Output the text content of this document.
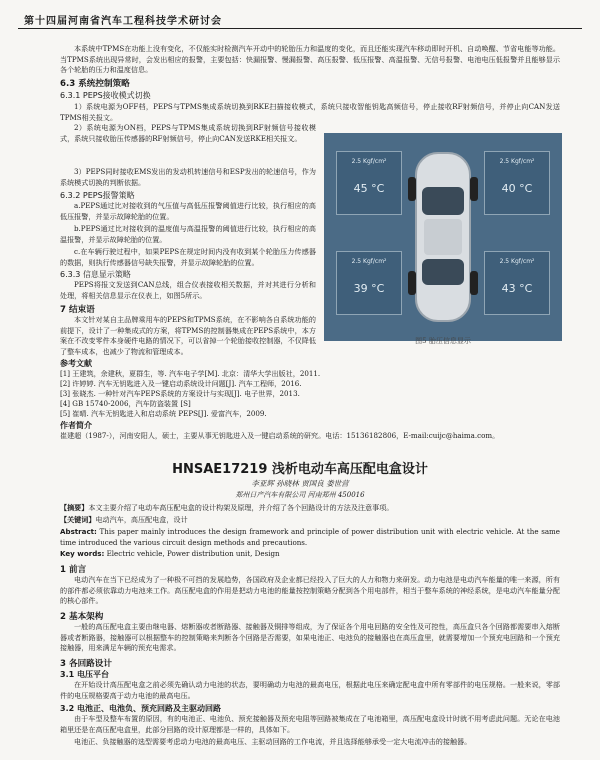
第十四届河南省汽车工程科技学术研讨会

本系统中TPMS在功能上没有变化，不仅能实时检测汽车开动中的轮胎压力和温度的变化，而且还能实现汽车移动即时开机、自动唤醒、节省电能等功能。当TPMS系统出现异常时，会发出相应的报警，主要包括：快漏报警、慢漏报警、高压报警、低压报警、高温报警、无信号报警、电池电压低报警并且能够显示各个轮胎的压力和温度信息。

6.3 系统控制策略

6.3.1 PEPS接收模式切换

1）系统电源为OFF档，PEPS与TPMS集成系统切换到RKE扫描接收模式，系统只接收智能钥匙高频信号，停止接收RF射频信号，并停止向CAN发送TPMS相关报文。

2）系统电源为ON档，PEPS与TPMS集成系统切换到RF射频信号接收模式，系统只接收胎压传感器的RF射频信号，停止向CAN发送RKE相关报文。

3）PEPS同时接收EMS发出的发动机转速信号和ESP发出的轮速信号，作为系统模式切换的判断依据。

6.3.2 PEPS报警策略

a.PEPS通过比对接收到的气压值与高低压报警阈值进行比较，执行相应的高低压报警，并显示故障轮胎的位置。

b.PEPS通过比对接收到的温度值与高温报警的阈值进行比较，执行相应的高温报警，并显示故障轮胎的位置。

c.在车辆行驶过程中，如果PEPS在规定时间内没有收到某个轮胎压力传感器的数据，则执行传感器信号缺失报警，并显示故障轮胎的位置。

6.3.3 信息显示策略

PEPS将报文发送到CAN总线，组合仪表接收相关数据，并对其进行分析和处理，将相关信息显示在仪表上，如图5所示。

7 结束语

本文针对某自主品牌乘用车的PEPS和TPMS系统，在不影响各自系统功能的前提下，设计了一种集成式的方案，将TPMS的控制器集成在PEPS系统中，本方案在不改变零件本身硬件电路的情况下，可以省掉一个轮胎接收控制器，不仅降低了整车成本，也减少了物流和管理成本。

参考文献

[1] 王建筑，余建秋，夏群生，等. 汽车电子学[M]. 北京：清华大学出版社，2011.

[2] 许婷婷. 汽车无钥匙进入及一键启动系统设计问题[J]. 汽车工程师，2016.

[3] 张晓杰. 一种针对汽车PEPS系统的方案设计与实现[J]. 电子世界，2013.

[4] GB 15740-2006，汽车防盗装置 [S]

[5] 崔晴. 汽车无钥匙进入和启动系统 PEPS[J]. 爱富汽车，2009.

2.5 Kgf/cm²
45 °C
2.5 Kgf/cm²
40 °C
2.5 Kgf/cm²
39 °C
2.5 Kgf/cm²
43 °C
图5 胎压信息显示

作者简介

崔建超（1987-），河南安阳人，硕士，主要从事无钥匙进入及一键启动系统的研究。电话：15136182806，E-mail:cuijc@haima.com。

HNSAE17219 浅析电动车高压配电盒设计
李亚辉 孙晓林 贾国良 娄世营
郑州日产汽车有限公司 河南郑州 450016

【摘要】本文主要介绍了电动车高压配电盒的设计构架及原理，并介绍了各个回路设计的方法及注意事项。

【关键词】电动汽车，高压配电盒，设计

Abstract: This paper mainly introduces the design framework and principle of power distribution unit with electric vehicle. At the same time introduced the various circuit design methods and precautions.

Key words: Electric vehicle, Power distribution unit, Design

1 前言

电动汽车在当下已经成为了一种极不可挡的发展趋势，各国政府及企业都已经投入了巨大的人力和物力来研发。动力电池是电动汽车能量的唯一来源，所有的部件都必须依靠动力电池来工作。高压配电盒的作用是把动力电池的能量按控制策略分配到各个用电部件，相当于整车系统的神经系统，是电动汽车能量分配的核心部件。

2 基本架构

一般的高压配电盒主要由继电器、熔断器或者断路器、接触器及铜排等组成，为了保证各个用电回路的安全性及可控性，高压盒只各个回路都需要串入熔断器或者断路器，接触器可以根据整车的控制策略来判断各个回路是否需要，如果电池正、电池负的接触器也在高压盒里，就需要增加一个预充电回路和一个预充接触器，用来满足车辆的预充电需求。

3 各回路设计

3.1 电压平台

在开始设计高压配电盒之前必须先确认动力电池的状态，要明确动力电池的最高电压，根据此电压来确定配电盒中所有零部件的电压规格。一般来说，零部件的电压规格要高于动力电池的最高电压。

3.2 电池正、电池负、预充回路及主驱动回路

由于车型及整车布置的原因，有的电池正、电池负、预充接触器及预充电阻等回路被集成在了电池箱里，高压配电盒设计时就不用考虑此问题。无论在电池箱里还是在高压配电盒里，此部分回路的设计原理都是一样的，具体如下。

电池正、负接触器的选型需要考虑动力电池的最高电压、主驱动回路的工作电流，并且选择能够承受一定大电流冲击的接触器。
